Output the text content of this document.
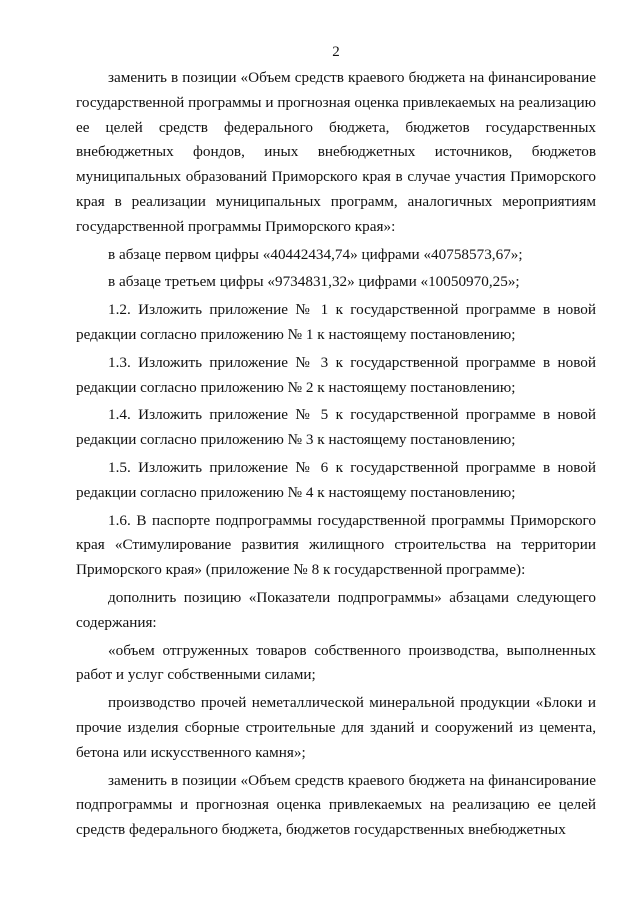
2

заменить в позиции «Объем средств краевого бюджета на финансирование государственной программы и прогнозная оценка привлекаемых на реализацию ее целей средств федерального бюджета, бюджетов государственных внебюджетных фондов, иных внебюджетных источников, бюджетов муниципальных образований Приморского края в случае участия Приморского края в реализации муниципальных программ, аналогичных мероприятиям государственной программы Приморского края»:

в абзаце первом цифры «40442434,74» цифрами «40758573,67»;

в абзаце третьем цифры «9734831,32» цифрами «10050970,25»;

1.2. Изложить приложение № 1 к государственной программе в новой редакции согласно приложению № 1 к настоящему постановлению;

1.3. Изложить приложение № 3 к государственной программе в новой редакции согласно приложению № 2 к настоящему постановлению;

1.4. Изложить приложение № 5 к государственной программе в новой редакции согласно приложению № 3 к настоящему постановлению;

1.5. Изложить приложение № 6 к государственной программе в новой редакции согласно приложению № 4 к настоящему постановлению;

1.6. В паспорте подпрограммы государственной программы Приморского края «Стимулирование развития жилищного строительства на территории Приморского края» (приложение № 8 к государственной программе):

дополнить позицию «Показатели подпрограммы» абзацами следующего содержания:

«объем отгруженных товаров собственного производства, выполненных работ и услуг собственными силами;

производство прочей неметаллической минеральной продукции «Блоки и прочие изделия сборные строительные для зданий и сооружений из цемента, бетона или искусственного камня»;

заменить в позиции «Объем средств краевого бюджета на финансирование подпрограммы и прогнозная оценка привлекаемых на реализацию ее целей средств федерального бюджета, бюджетов государственных внебюджетных
